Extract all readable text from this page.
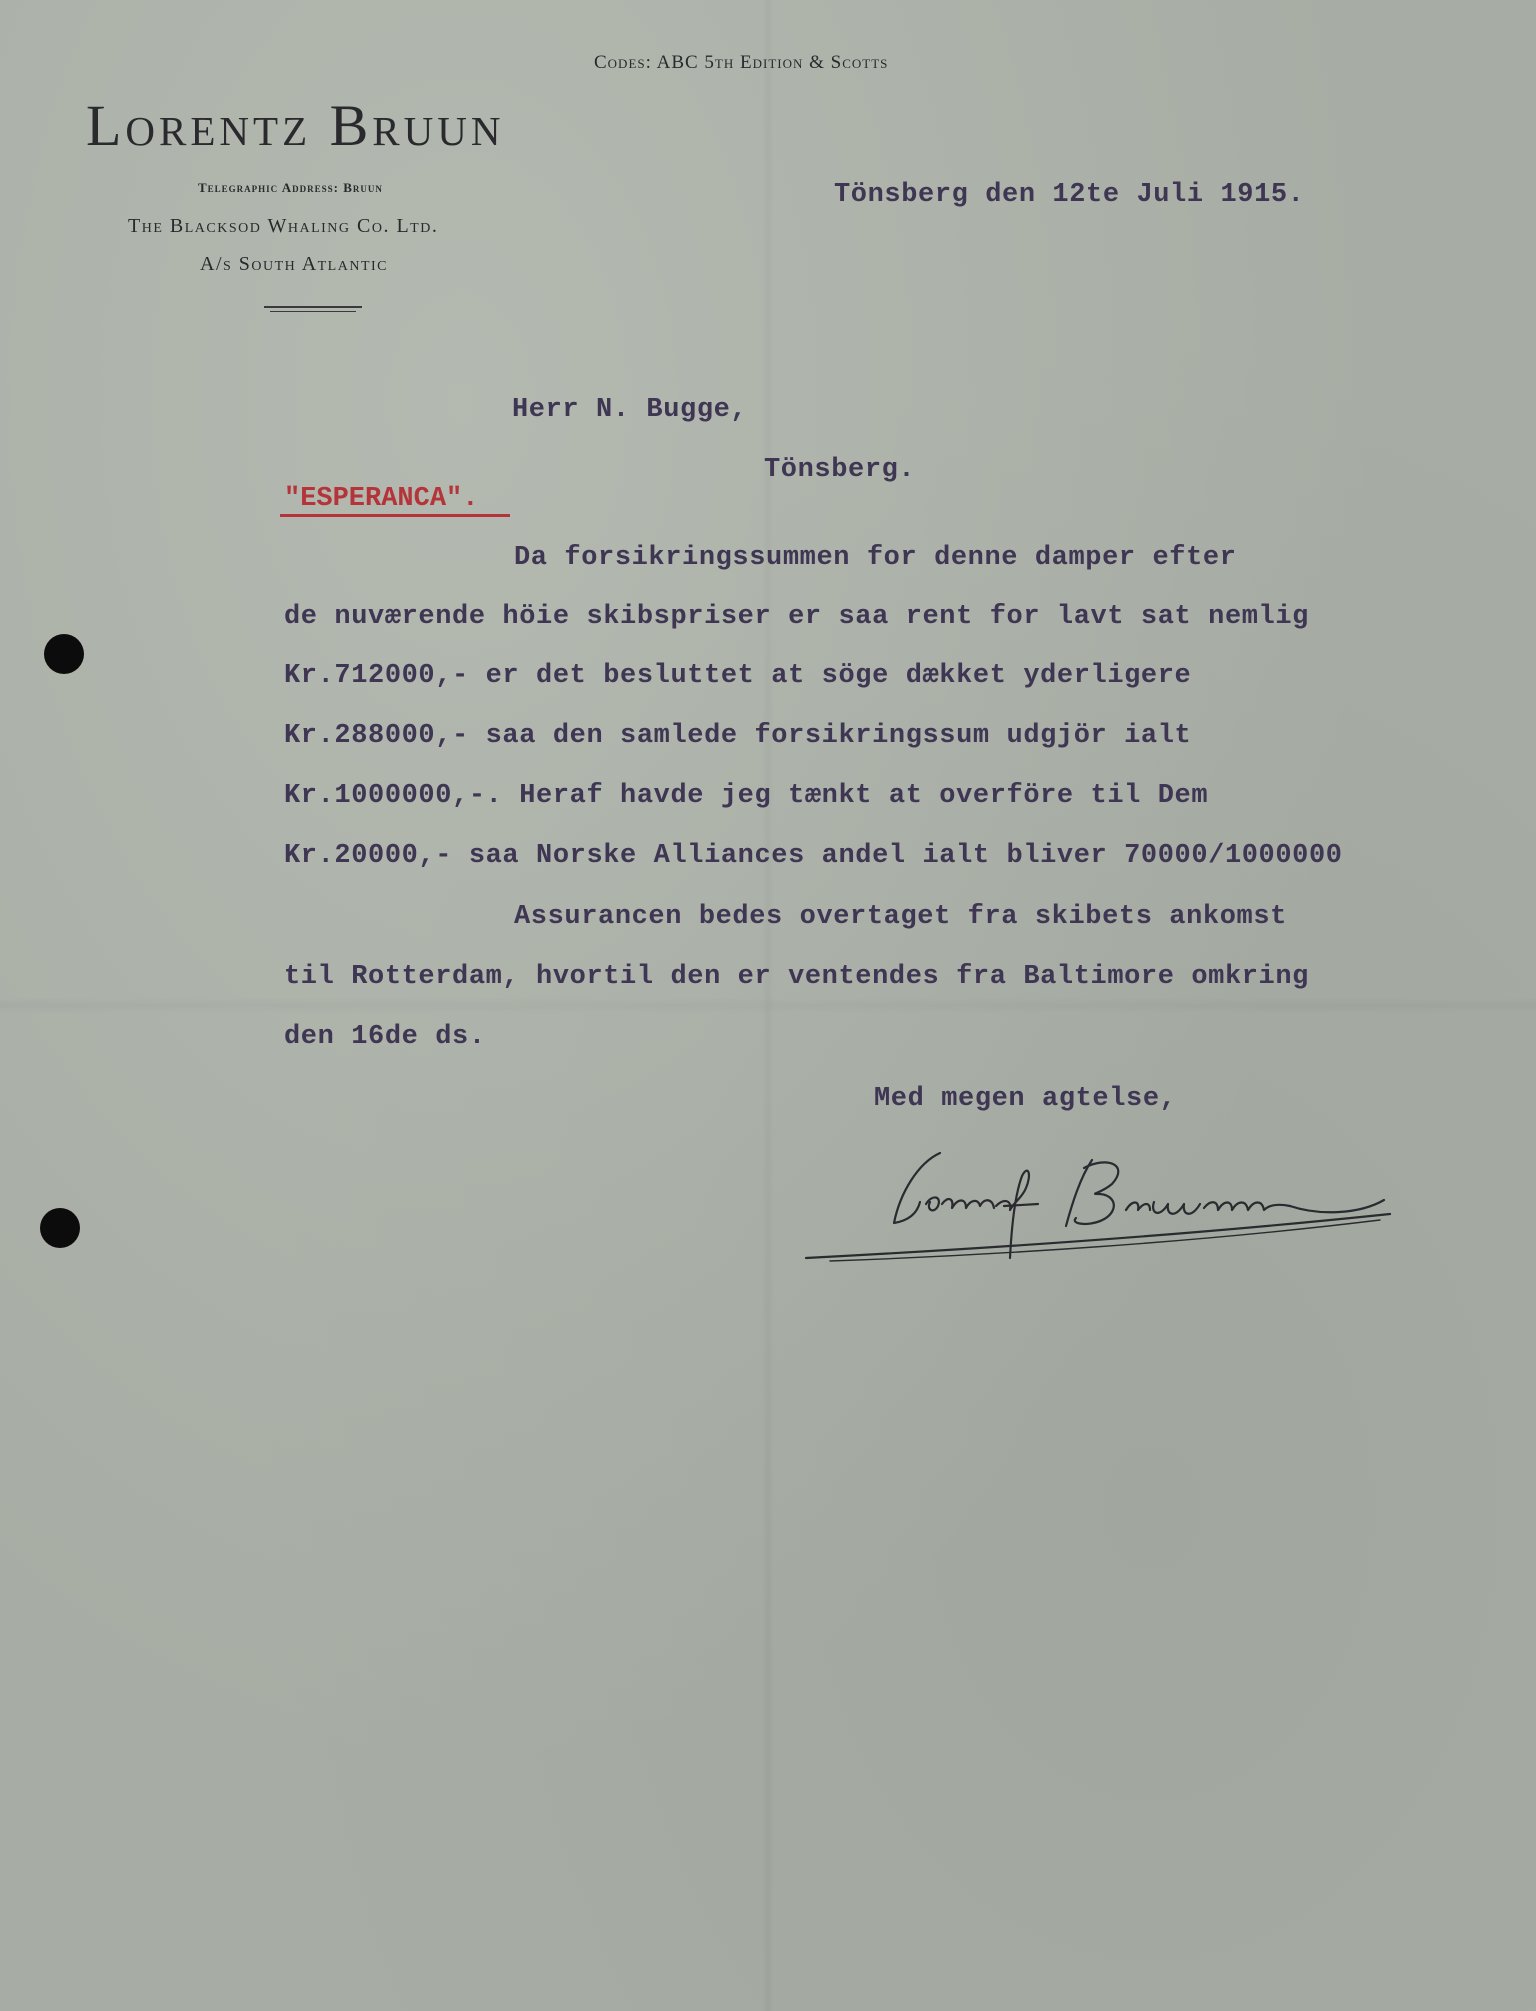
Codes: ABC 5th Edition & Scotts
Lorentz Bruun
Telegraphic Address: Bruun
The Blacksod Whaling Co. Ltd.
A/s South Atlantic
Tönsberg den 12te Juli 1915.
Herr N. Bugge,
Tönsberg.
"ESPERANCA".
Da forsikringssummen for denne damper efter
de nuværende höie skibspriser er saa rent for lavt sat nemlig
Kr.712000,- er det besluttet at söge dækket yderligere
Kr.288000,- saa den samlede forsikringssum udgjör ialt
Kr.1000000,-. Heraf havde jeg tænkt at overföre til Dem
Kr.20000,- saa Norske Alliances andel ialt bliver 70000/1000000
Assurancen bedes overtaget fra skibets ankomst
til Rotterdam, hvortil den er ventendes fra Baltimore omkring
den 16de ds.
Med megen agtelse,
